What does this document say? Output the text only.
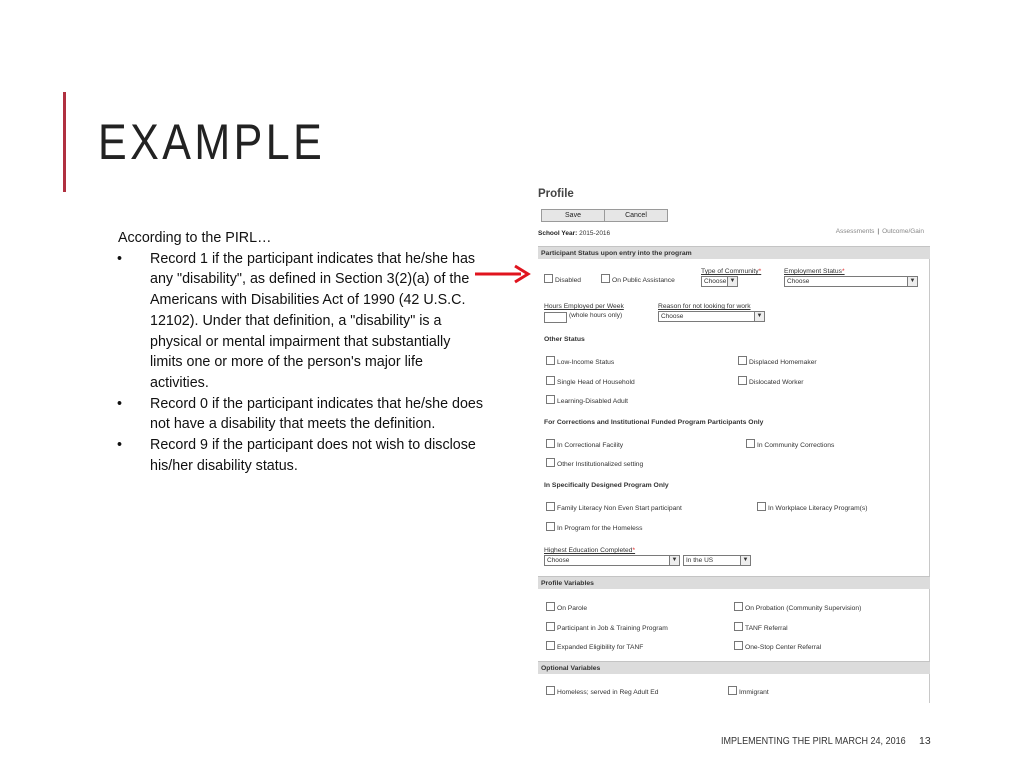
EXAMPLE

According to the PIRL…

• Record 1 if the participant indicates that he/she has any "disability", as defined in Section 3(2)(a) of the Americans with Disabilities Act of 1990 (42 U.S.C. 12102). Under that definition, a "disability" is a physical or mental impairment that substantially limits one or more of the person's major life activities.
• Record 0 if the participant indicates that he/she does not have a disability that meets the definition.
• Record 9 if the participant does not wish to disclose his/her disability status.
Profile
Save	Cancel
School Year: 2015-2016	Assessments | Outcome/Gain
Participant Status upon entry into the program
Disabled	On Public Assistance
Type of Community*
Choose ▼
Employment Status*
Choose	▼
Hours Employed per Week
(whole hours only)
Reason for not looking for work
Choose	▼
Other Status
Low-Income Status	Displaced Homemaker
Single Head of Household	Dislocated Worker
Learning-Disabled Adult
For Corrections and Institutional Funded Program Participants Only
In Correctional Facility	In Community Corrections
Other Institutionalized setting
In Specifically Designed Program Only
Family Literacy Non Even Start participant	In Workplace Literacy Program(s)
In Program for the Homeless
Highest Education Completed*
Choose	▼	In the US	▼
Profile Variables
On Parole	On Probation (Community Supervision)
Participant in Job & Training Program	TANF Referral
Expanded Eligibility for TANF	One-Stop Center Referral
Optional Variables
Homeless; served in Reg Adult Ed	Immigrant
IMPLEMENTING THE PIRL MARCH 24, 2016 13
